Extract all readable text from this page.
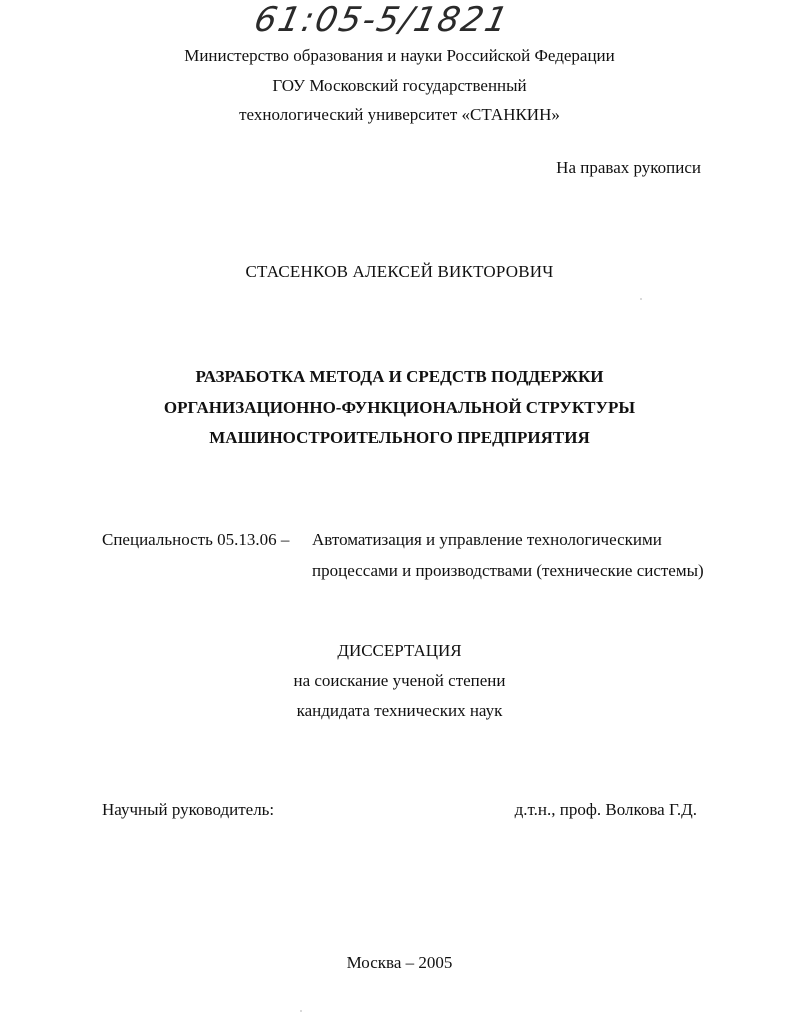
61:05-5/1821
Министерство образования и науки Российской Федерации
ГОУ Московский государственный
технологический университет «СТАНКИН»
На правах рукописи
СТАСЕНКОВ АЛЕКСЕЙ ВИКТОРОВИЧ
РАЗРАБОТКА МЕТОДА И СРЕДСТВ ПОДДЕРЖКИ
ОРГАНИЗАЦИОННО-ФУНКЦИОНАЛЬНОЙ СТРУКТУРЫ
МАШИНОСТРОИТЕЛЬНОГО ПРЕДПРИЯТИЯ
Специальность 05.13.06 – Автоматизация и управление технологическими
процессами и производствами (технические системы)
ДИССЕРТАЦИЯ
на соискание ученой степени
кандидата технических наук
Научный руководитель:	д.т.н., проф. Волкова Г.Д.
Москва – 2005
